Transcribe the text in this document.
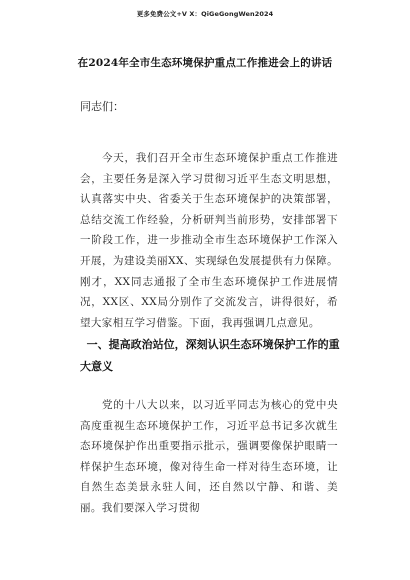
更多免费公文+V X：QiGeGongWen2024
在2024年全市生态环境保护重点工作推进会上的讲话
同志们：

今天，我们召开全市生态环境保护重点工作推进会，主要任务是深入学习贯彻习近平生态文明思想，认真落实中央、省委关于生态环境保护的决策部署，总结交流工作经验，分析研判当前形势，安排部署下一阶段工作，进一步推动全市生态环境保护工作深入开展，为建设美丽XX、实现绿色发展提供有力保障。刚才，XX同志通报了全市生态环境保护工作进展情况，XX区、XX局分别作了交流发言，讲得很好，希望大家相互学习借鉴。下面，我再强调几点意见。

一、提高政治站位，深刻认识生态环境保护工作的重大意义

党的十八大以来，以习近平同志为核心的党中央高度重视生态环境保护工作，习近平总书记多次就生态环境保护作出重要指示批示，强调要像保护眼睛一样保护生态环境，像对待生命一样对待生态环境，让自然生态美景永驻人间，还自然以宁静、和谐、美丽。我们要深入学习贯彻
